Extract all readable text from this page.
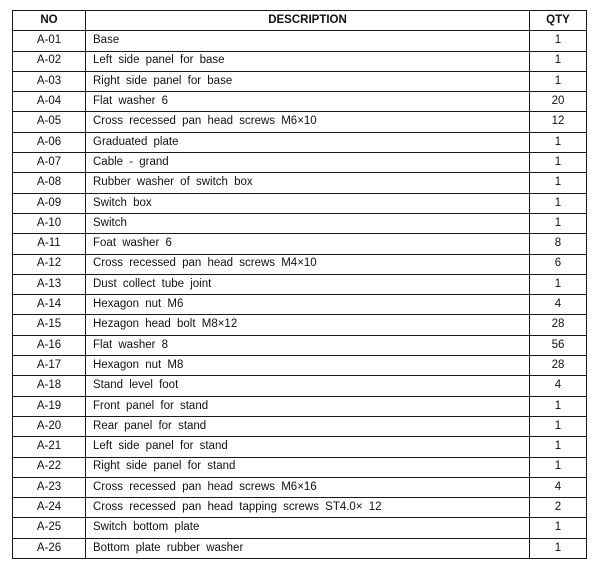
NO	DESCRIPTION	QTY
A-01	Base	1
A-02	Left side panel for base	1
A-03	Right side panel for base	1
A-04	Flat washer 6	20
A-05	Cross recessed pan head screws M6×10	12
A-06	Graduated plate	1
A-07	Cable - grand	1
A-08	Rubber washer of switch box	1
A-09	Switch box	1
A-10	Switch	1
A-11	Foat washer 6	8
A-12	Cross recessed pan head screws M4×10	6
A-13	Dust collect tube joint	1
A-14	Hexagon nut M6	4
A-15	Hezagon head bolt M8×12	28
A-16	Flat washer 8	56
A-17	Hexagon nut M8	28
A-18	Stand level foot	4
A-19	Front panel for stand	1
A-20	Rear panel for stand	1
A-21	Left side panel for stand	1
A-22	Right side panel for stand	1
A-23	Cross recessed pan head screws M6×16	4
A-24	Cross recessed pan head tapping screws ST4.0× 12	2
A-25	Switch bottom plate	1
A-26	Bottom plate rubber washer	1
